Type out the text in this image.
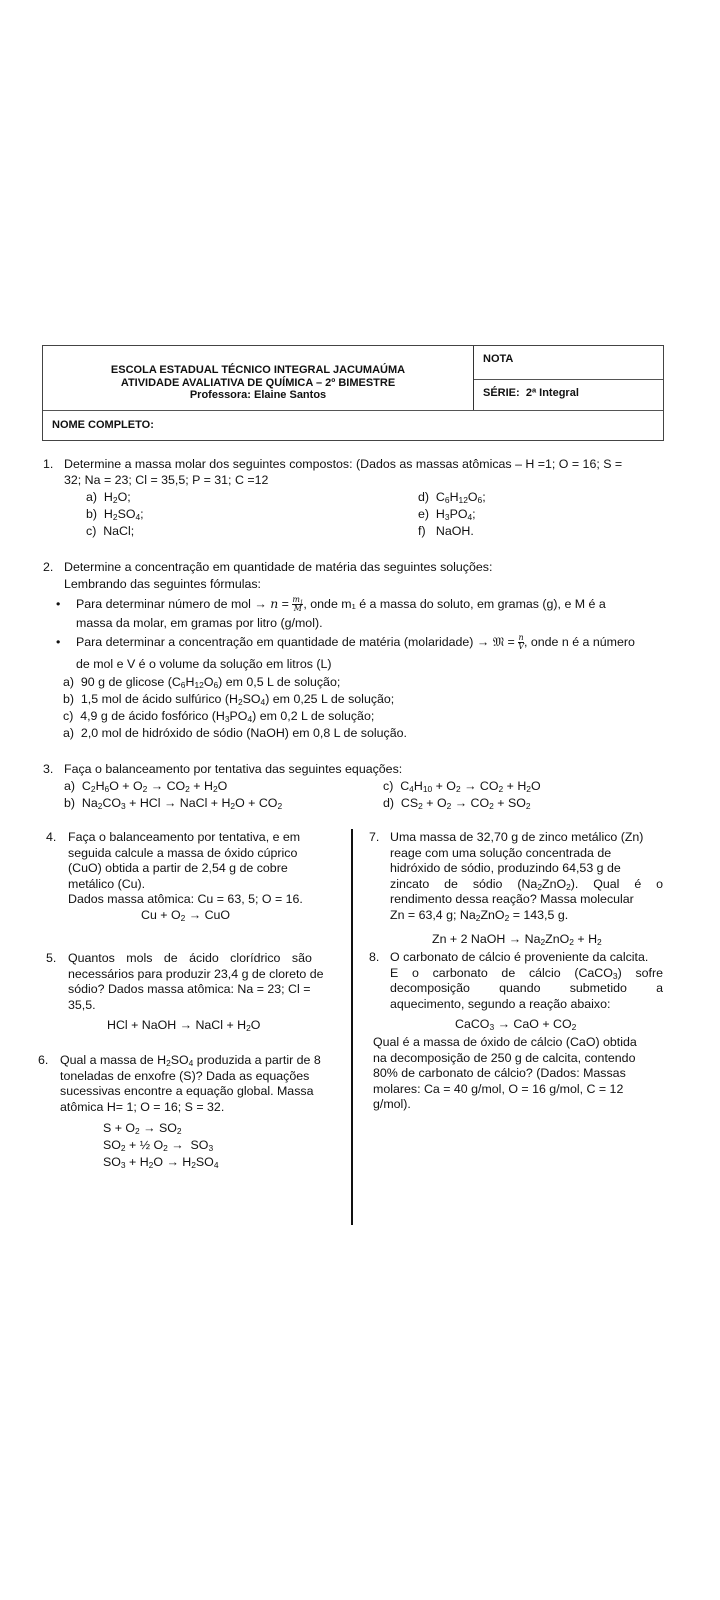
ESCOLA ESTADUAL TÉCNICO INTEGRAL JACUMAÚMA
ATIVIDADE AVALIATIVA DE QUÍMICA – 2º BIMESTRE
Professora: Elaine Santos
NOTA
SÉRIE: 2$^a$ Integral
NOME COMPLETO:
1. Determine a massa molar dos seguintes compostos: (Dados as massas atômicas – H =1; O = 16; S =
32; Na = 23; Cl = 35,5; P = 31; C =12
a)  $H_2O$;
b)  $H_2SO_4$;
c)  NaCl;
d)  $C_6H_{12}O_6$;
e)  $H_3PO_4$;
f)   NaOH.
2. Determine a concentração em quantidade de matéria das seguintes soluções:
Lembrando das seguintes fórmulas:
• Para determinar número de mol → $n = \frac{m_1}{M}$ , onde m₁ é a massa do soluto, em gramas (g), e M é a
massa da molar, em gramas por litro (g/mol).
• Para determinar a concentração em quantidade de matéria (molaridade) → 𝔐 = $\frac{n}{V}$ , onde n é a número
de mol e V é o volume da solução em litros (L)
a)  90 g de glicose $(C_6H_{12}O_6)$ em 0,5 L de solução;
b)  1,5 mol de ácido sulfúrico $(H_2SO_4)$ em 0,25 L de solução;
c)  4,9 g de ácido fosfórico $(H_3PO_4)$ em 0,2 L de solução;
a) 2,0 mol de hidróxido de sódio (NaOH) em 0,8 L de solução.
3. Faça o balanceamento por tentativa das seguintes equações:
a)  $C_2H_6O + O_2 \to CO_2 + H_2O$
b)  $Na_2CO_3$ + HCl → NaCl + $H_2O + CO_2$
c)  $C_4H_{10} + O_2 \to CO_2 + H_2O$
d)  $CS_2 + O_2 \to CO_2 + SO_2$
4. Faça o balanceamento por tentativa, e em
seguida calcule a massa de óxido cúprico
(CuO) obtida a partir de 2,54 g de cobre
metálico (Cu).
Dados massa atômica: Cu = 63, 5; O = 16.
$Cu + O_2$ → CuO
5. Quantos mols de ácido clorídrico são
necessários para produzir 23,4 g de cloreto de
sódio? Dados massa atômica: Na = 23; Cl =
35,5.
HCl + NaOH → NaCl + $H_2O$
6. Qual a massa de $H_2SO_4$ produzida a partir de 8
toneladas de enxofre (S)? Dada as equações
sucessivas encontre a equação global. Massa
atômica H= 1; O = 16; S = 32.
$S + O_2 \to SO_2$
$SO_2$ + ½ $O_2 \to SO_3$
$SO_3 + H_2O \to H_2SO_4$
7. Uma massa de 32,70 g de zinco metálico (Zn)
reage com uma solução concentrada de
hidróxido de sódio, produzindo 64,53 g de
zincato de sódio $(Na_2ZnO_2)$. Qual é o
rendimento dessa reação? Massa molecular
Zn = 63,4 g; $Na_2ZnO_2 = 143,5$ g.
Zn + 2 NaOH → $Na_2ZnO_2 + H_2$
8. O carbonato de cálcio é proveniente da calcita.
E o carbonato de cálcio (CaCO$_3$) sofre
decomposição quando submetido a
aquecimento, segundo a reação abaixo:
CaCO$_3$ → CaO + $CO_2$
Qual é a massa de óxido de cálcio (CaO) obtida
na decomposição de 250 g de calcita, contendo
80% de carbonato de cálcio? (Dados: Massas
molares: Ca = 40 g/mol, O = 16 g/mol, C = 12
g/mol).
